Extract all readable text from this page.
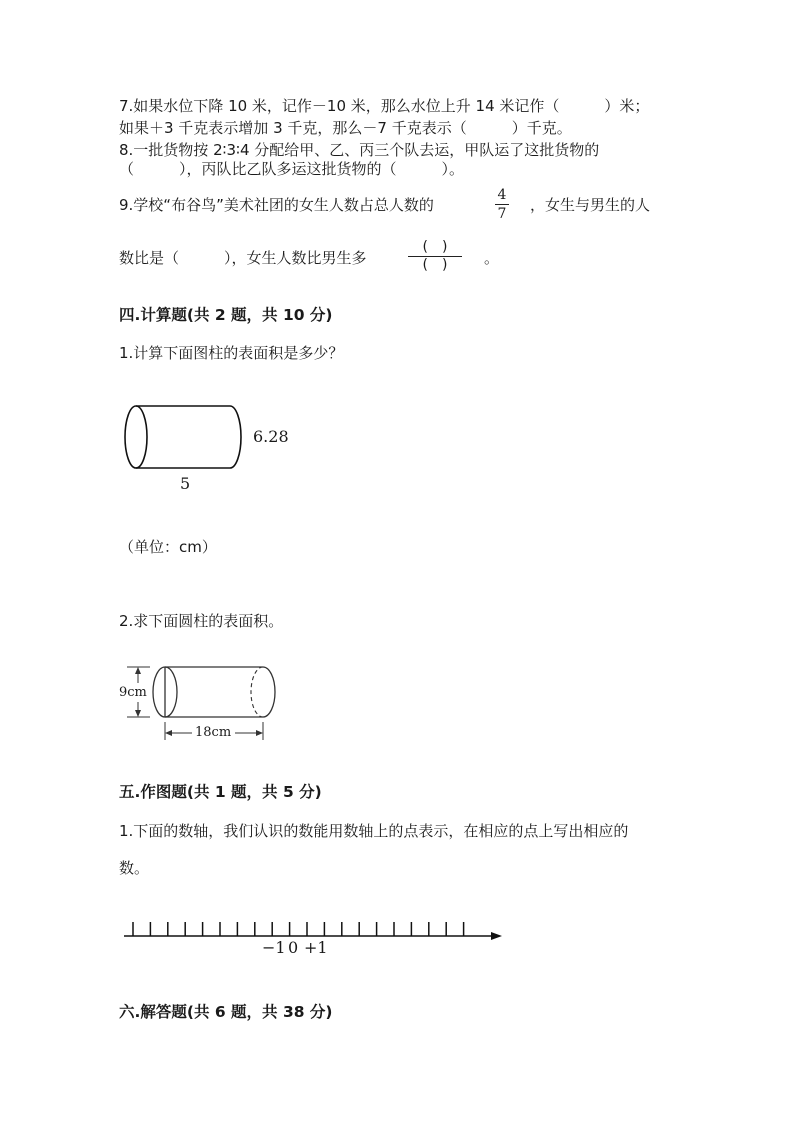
7.如果水位下降 10 米，记作－10 米，那么水位上升 14 米记作（　　　）米；
如果＋3 千克表示增加 3 千克，那么－7 千克表示（　　　）千克。
8.一批货物按 2∶3∶4 分配给甲、乙、丙三个队去运，甲队运了这批货物的
（　　　），丙队比乙队多运这批货物的（　　　）。
9.学校“布谷鸟”美术社团的女生人数占总人数的
4
7 ，女生与男生的人
数比是（　　　），女生人数比男生多
(　)
(　)	。
四.计算题(共 2 题，共 10 分)
1.计算下面图柱的表面积是多少？
6.28
5
（单位：cm）
2.求下面圆柱的表面积。
9cm
18cm
五.作图题(共 1 题，共 5 分)
1.下面的数轴，我们认识的数能用数轴上的点表示，在相应的点上写出相应的
数。
−1 0 +1
六.解答题(共 6 题，共 38 分)
